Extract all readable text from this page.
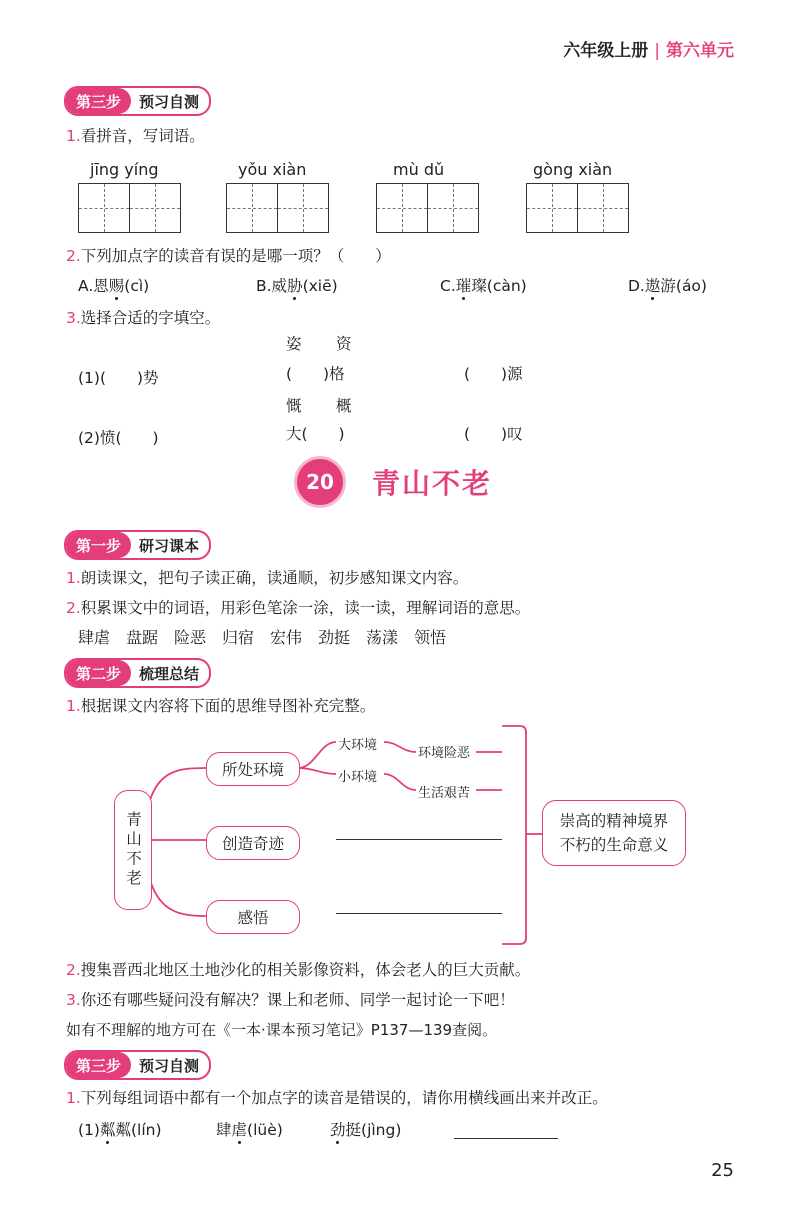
六年级上册 | 第六单元
第三步	预习自测
1.看拼音，写词语。
jīng yíng	yǒu xiàn	mù dǔ	gòng xiàn
2.下列加点字的读音有误的是哪一项？（　　）
A.恩赐(cì)	B.威胁(xiē)	C.璀璨(càn)	D.遨游(áo)
3.选择合适的字填空。
姿 资
(1)(　　)势	(　　)格	(　　)源
慨 概
(2)愤(　　)	大(　　)	(　　)叹
20	青山不老
第一步	研习课本
1.朗读课文，把句子读正确，读通顺，初步感知课文内容。
2.积累课文中的词语，用彩色笔涂一涂，读一读，理解词语的意思。
肆虐　盘踞　险恶　归宿　宏伟　劲挺　荡漾　领悟
第二步	梳理总结
1.根据课文内容将下面的思维导图补充完整。
青山不老
所处环境
创造奇迹
感悟
大环境
小环境
环境险恶
生活艰苦
崇高的精神境界
不朽的生命意义
2.搜集晋西北地区土地沙化的相关影像资料，体会老人的巨大贡献。
3.你还有哪些疑问没有解决？课上和老师、同学一起讨论一下吧！
如有不理解的地方可在《一本·课本预习笔记》P137—139查阅。
第三步	预习自测
1.下列每组词语中都有一个加点字的读音是错误的，请你用横线画出来并改正。
(1)粼粼(lín)	肆虐(lüè)	劲挺(jìng)
25
